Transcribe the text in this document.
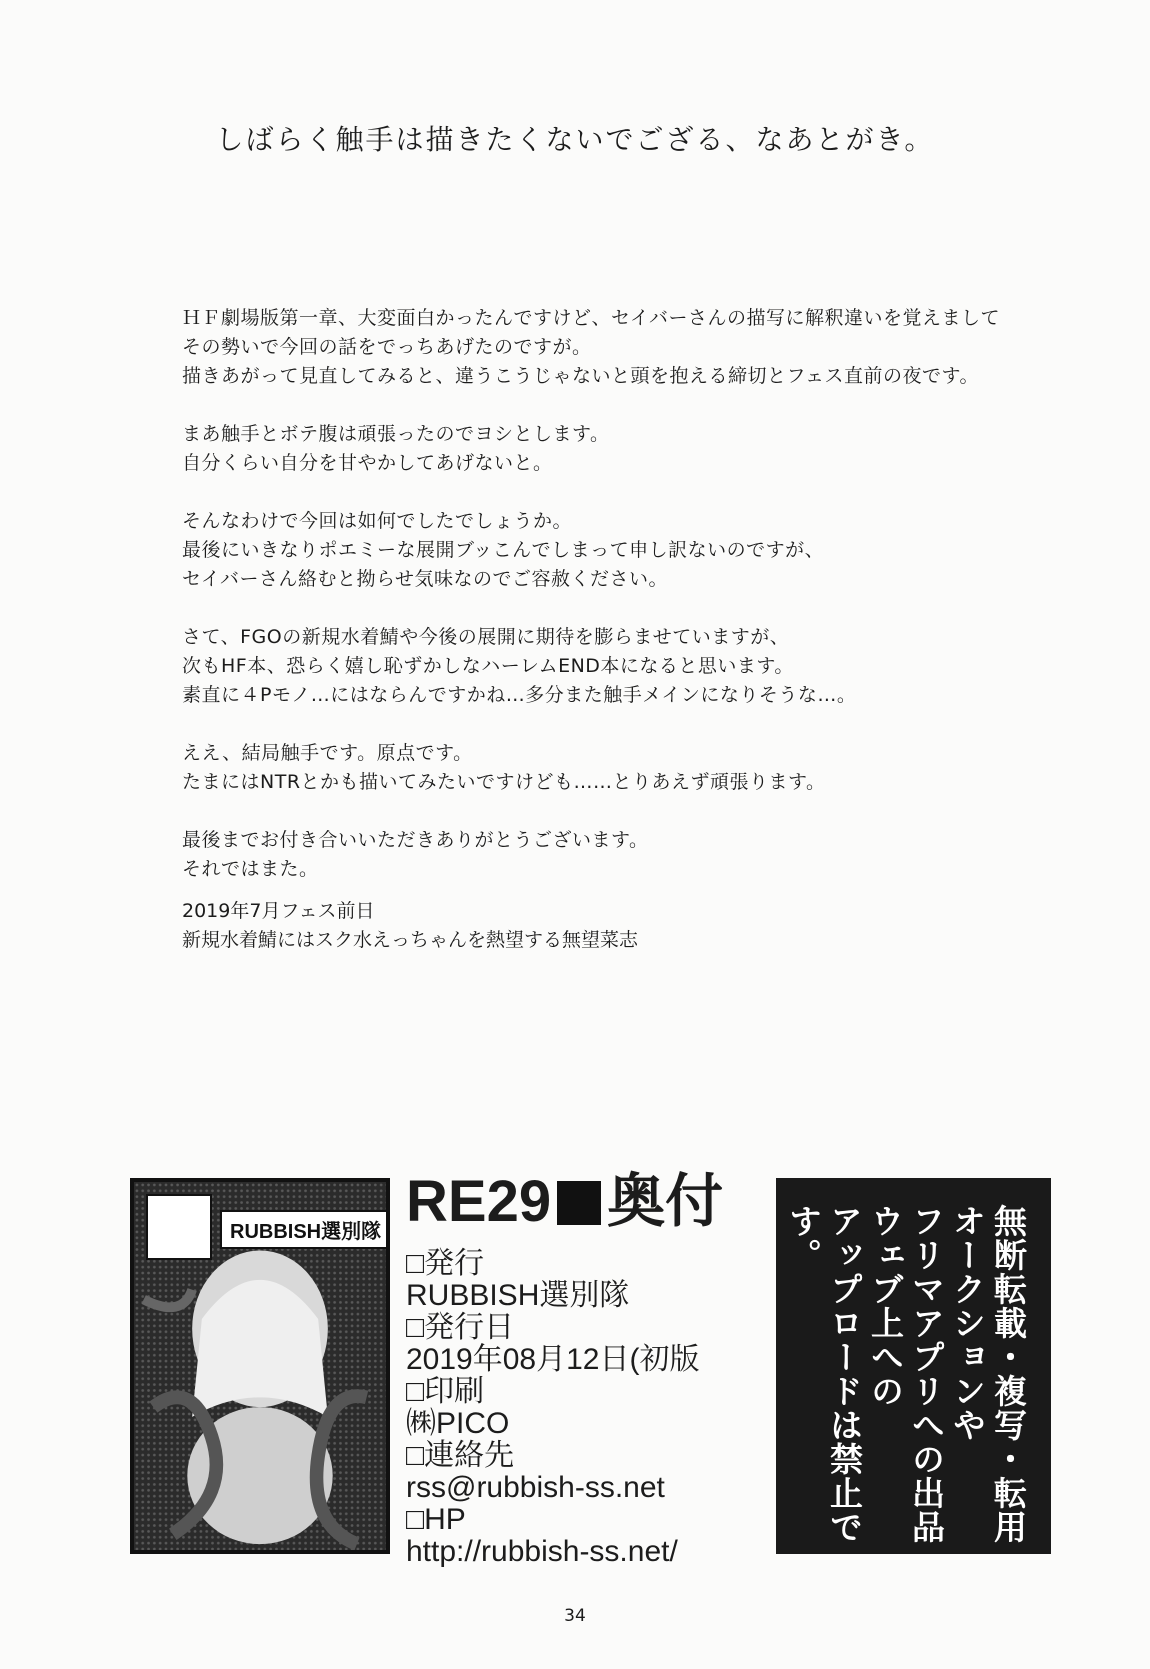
しばらく触手は描きたくないでござる、なあとがき。
ＨＦ劇場版第一章、大変面白かったんですけど、セイバーさんの描写に解釈違いを覚えまして
その勢いで今回の話をでっちあげたのですが。
描きあがって見直してみると、違うこうじゃないと頭を抱える締切とフェス直前の夜です。
まあ触手とボテ腹は頑張ったのでヨシとします。
自分くらい自分を甘やかしてあげないと。
そんなわけで今回は如何でしたでしょうか。
最後にいきなりポエミーな展開ブッこんでしまって申し訳ないのですが、
セイバーさん絡むと拗らせ気味なのでご容赦ください。
さて、FGOの新規水着鯖や今後の展開に期待を膨らませていますが、
次もHF本、恐らく嬉し恥ずかしなハーレムEND本になると思います。
素直に４Pモノ…にはならんですかね…多分また触手メインになりそうな…。
ええ、結局触手です。原点です。
たまにはNTRとかも描いてみたいですけども……とりあえず頑張ります。
最後までお付き合いいただきありがとうございます。
それではまた。
2019年7月フェス前日
新規水着鯖にはスク水えっちゃんを熱望する無望菜志
RUBBISH選別隊 RE29 奥付
□ 発行
RUBBISH選別隊
□ 発行日
2019年08月12日(初版
□ 印刷
㈱PICO
□ 連絡先
rss@rubbish-ss.net
□ HP
http://rubbish-ss.net/
無断転載・複写・転用
オークションや
フリマアプリへの出品
ウェブ上への
アップロードは禁止です。
34
